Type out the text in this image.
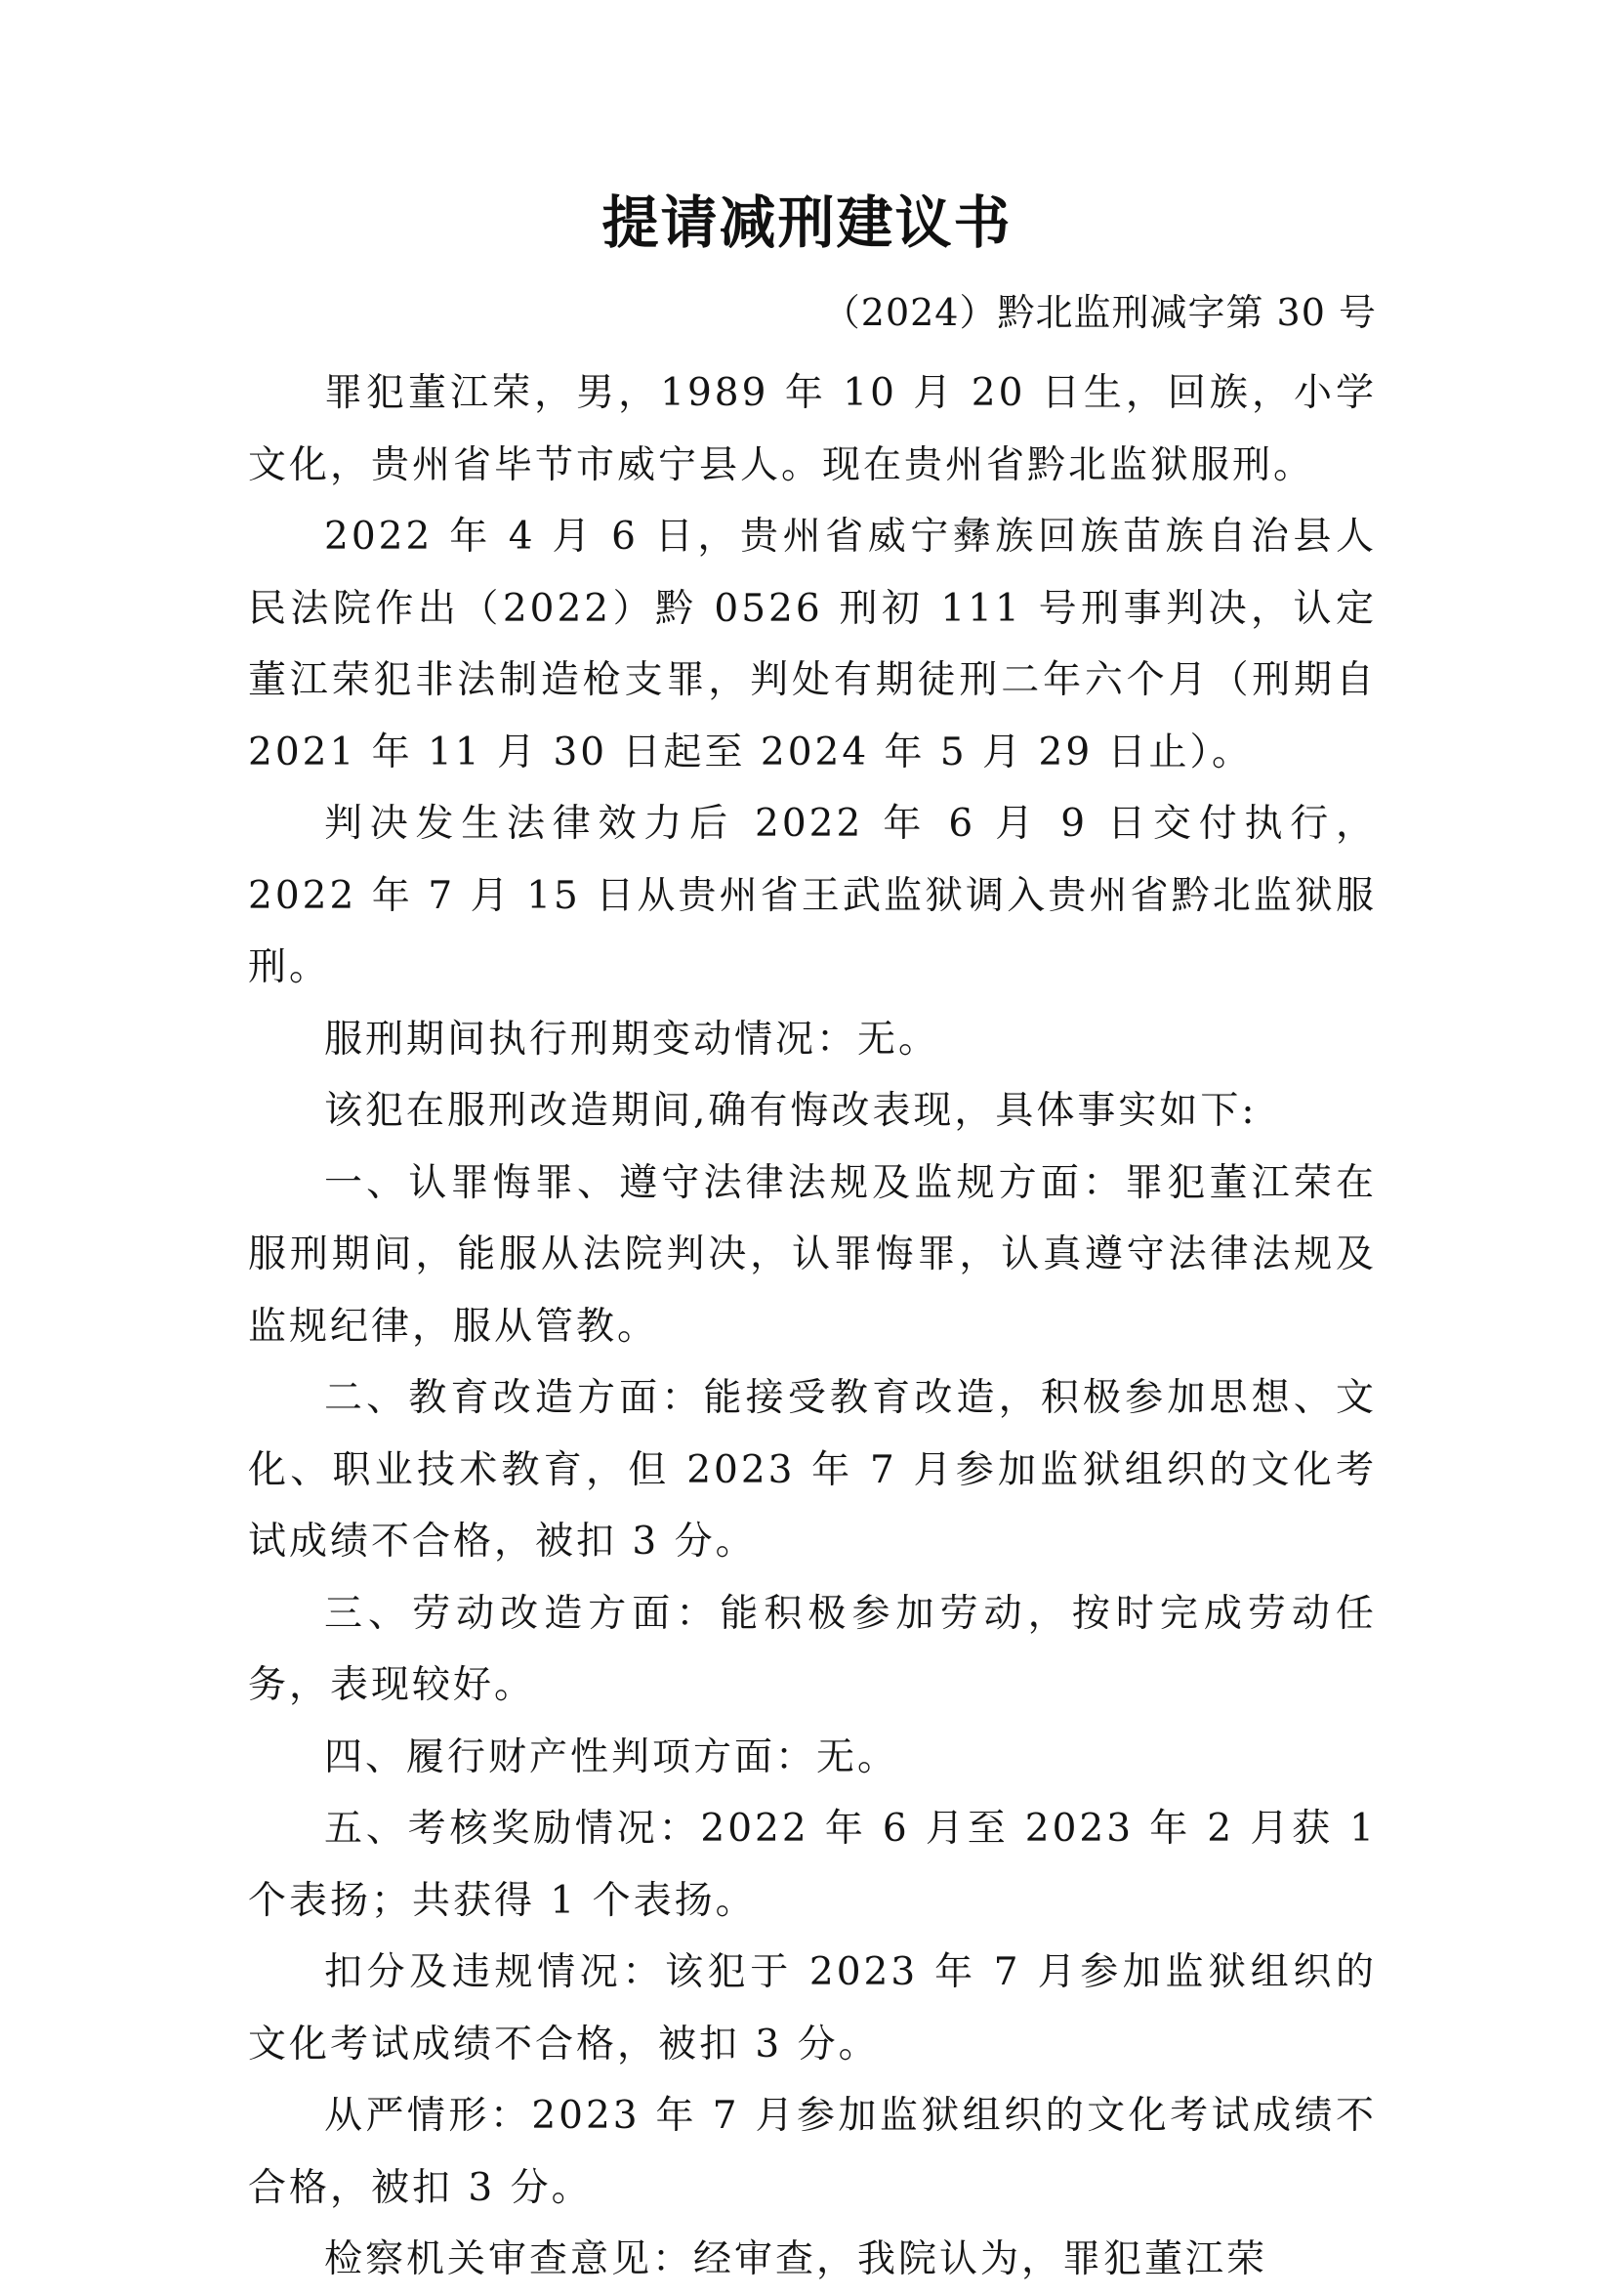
提请减刑建议书
（2024）黔北监刑减字第 30 号

罪犯董江荣，男，1989 年 10 月 20 日生，回族，小学文化，贵州省毕节市威宁县人。现在贵州省黔北监狱服刑。

2022 年 4 月 6 日，贵州省威宁彝族回族苗族自治县人民法院作出（2022）黔 0526 刑初 111 号刑事判决，认定董江荣犯非法制造枪支罪，判处有期徒刑二年六个月（刑期自 2021 年 11 月 30 日起至 2024 年 5 月 29 日止）。

判决发生法律效力后 2022 年 6 月 9 日交付执行，2022 年 7 月 15 日从贵州省王武监狱调入贵州省黔北监狱服刑。

服刑期间执行刑期变动情况：无。

该犯在服刑改造期间,确有悔改表现，具体事实如下:

一、认罪悔罪、遵守法律法规及监规方面：罪犯董江荣在服刑期间，能服从法院判决，认罪悔罪，认真遵守法律法规及监规纪律，服从管教。

二、教育改造方面：能接受教育改造，积极参加思想、文化、职业技术教育，但 2023 年 7 月参加监狱组织的文化考试成绩不合格，被扣 3 分。

三、劳动改造方面：能积极参加劳动，按时完成劳动任务，表现较好。

四、履行财产性判项方面：无。

五、考核奖励情况：2022 年 6 月至 2023 年 2 月获 1 个表扬；共获得 1 个表扬。

扣分及违规情况：该犯于 2023 年 7 月参加监狱组织的文化考试成绩不合格，被扣 3 分。

从严情形：2023 年 7 月参加监狱组织的文化考试成绩不合格，被扣 3 分。

检察机关审查意见：经审查，我院认为，罪犯董江荣
